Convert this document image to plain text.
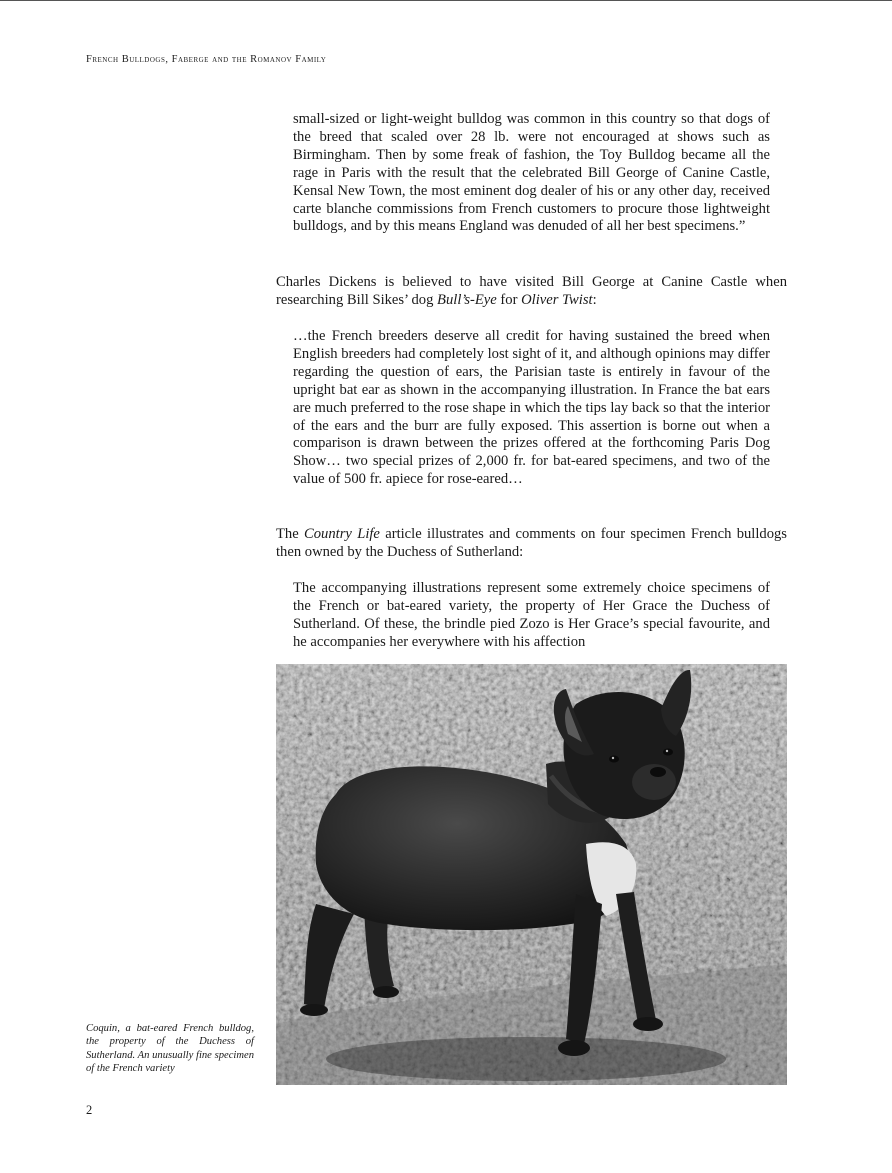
French Bulldogs, Faberge and the Romanov Family

small-sized or light-weight bulldog was common in this country so that dogs of the breed that scaled over 28 lb. were not encouraged at shows such as Birmingham. Then by some freak of fashion, the Toy Bulldog became all the rage in Paris with the result that the celebrated Bill George of Canine Castle, Kensal New Town, the most eminent dog dealer of his or any other day, received carte blanche commissions from French customers to procure those lightweight bulldogs, and by this means England was denuded of all her best specimens.”

Charles Dickens is believed to have visited Bill George at Canine Castle when researching Bill Sikes’ dog Bull’s-Eye for Oliver Twist:

…the French breeders deserve all credit for having sustained the breed when English breeders had completely lost sight of it, and although opinions may differ regarding the question of ears, the Parisian taste is entirely in favour of the upright bat ear as shown in the accompanying illustration. In France the bat ears are much preferred to the rose shape in which the tips lay back so that the interior of the ears and the burr are fully exposed. This assertion is borne out when a comparison is drawn between the prizes offered at the forthcoming Paris Dog Show… two special prizes of 2,000 fr. for bat-eared specimens, and two of the value of 500 fr. apiece for rose-eared…

The Country Life article illustrates and comments on four specimen French bulldogs then owned by the Duchess of Sutherland:

The accompanying illustrations represent some extremely choice specimens of the French or bat-eared variety, the property of Her Grace the Duchess of Sutherland. Of these, the brindle pied Zozo is Her Grace’s special favourite, and he accompanies her everywhere with his affection

Coquin, a bat-eared French bulldog, the property of the Duchess of Sutherland. An unusually fine specimen of the French variety
2
